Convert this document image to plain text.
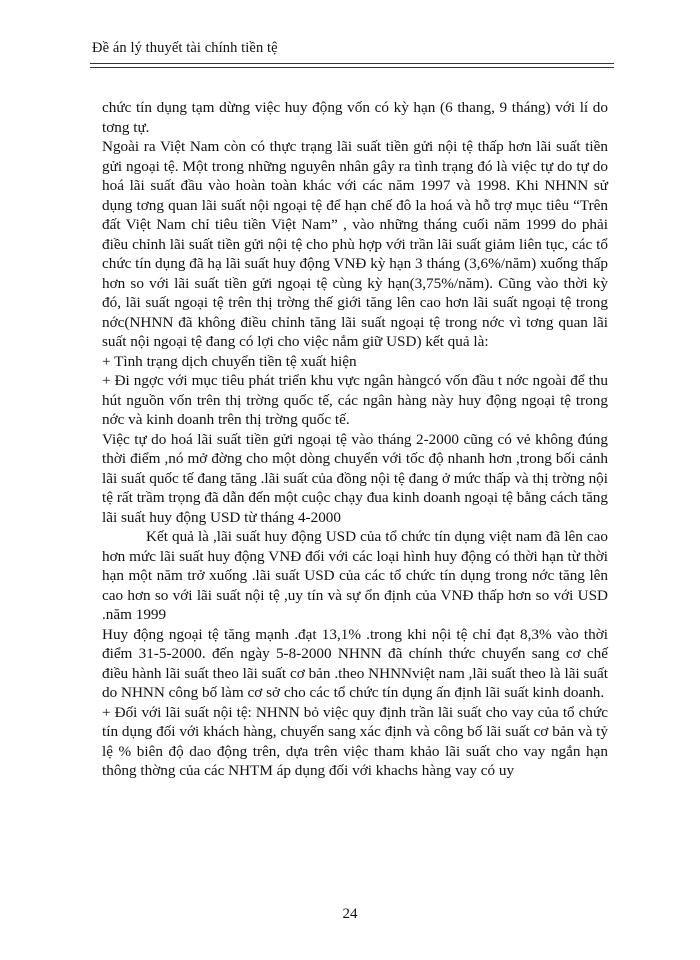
Đề án lý thuyết tài chính tiền tệ

chức tín dụng tạm dừng việc huy động vốn có kỳ hạn (6 thang, 9 tháng) với lí do tơng tự.

Ngoài ra Việt Nam còn có thực trạng lãi suất tiền gửi nội tệ thấp hơn lãi suất tiền gửi ngoại tệ. Một trong những nguyên nhân gây ra tình trạng đó là việc tự do tự do hoá lãi suất đầu vào hoàn toàn khác với các năm 1997 và 1998. Khi NHNN sử dụng tơng quan lãi suất nội ngoại tệ để hạn chế đô la hoá và hỗ trợ mục tiêu “Trên đất Việt Nam chỉ tiêu tiền Việt Nam” , vào những tháng cuối năm 1999 do phải điều chỉnh lãi suất tiền gửi nội tệ cho phù hợp với trần lãi suất giảm liên tục, các tổ chức tín dụng đã hạ lãi suất huy động VNĐ kỳ hạn 3 tháng (3,6%/năm) xuống thấp hơn so với lãi suất tiền gửi ngoại tệ cùng kỳ hạn(3,75%/năm). Cũng vào thời kỳ đó, lãi suất ngoại tệ trên thị trờng thế giới tăng lên cao hơn lãi suất ngoại tệ trong nớc(NHNN đã không điều chỉnh tăng lãi suất ngoại tệ trong nớc vì tơng quan lãi suất nội ngoại tệ đang có lợi cho việc nắm giữ USD) kết quả là:

+ Tình trạng dịch chuyển tiền tệ xuất hiện

+ Đi ngợc với mục tiêu phát triển khu vực ngân hàngcó vốn đầu t nớc ngoài để thu hút nguồn vốn trên thị trờng quốc tế, các ngân hàng này huy động ngoại tệ trong nớc và kinh doanh trên thị trờng quốc tế.

Việc tự do hoá lãi suất tiền gửi ngoại tệ vào tháng 2-2000 cũng có vẻ không đúng thời điểm ,nó mở đờng cho một dòng chuyển với tốc độ nhanh hơn ,trong bối cảnh lãi suất quốc tế đang tăng .lãi suất của đồng nội tệ đang ở mức thấp và thị trờng nội tệ rất trầm trọng đã dẫn đến một cuộc chạy đua kinh doanh ngoại tệ bằng cách tăng lãi suất huy động USD từ tháng 4-2000

Kết quả là ,lãi suất huy động USD của tổ chức tín dụng việt nam đã lên cao hơn mức lãi suất huy động VNĐ đối với các loại hình huy động có thời hạn từ thời hạn một năm trở xuống .lãi suất USD của các tổ chức tín dụng trong nớc tăng lên cao hơn so với lãi suất nội tệ ,uy tín và sự ổn định của VNĐ thấp hơn so với USD .năm 1999

Huy động ngoại tệ tăng mạnh .đạt 13,1% .trong khi nội tệ chỉ đạt 8,3% vào thời điểm 31-5-2000. đến ngày 5-8-2000 NHNN đã chính thức chuyển sang cơ chế điều hành lãi suất theo lãi suất cơ bản .theo NHNNviệt nam ,lãi suất theo là lãi suất do NHNN công bố làm cơ sở cho các tổ chức tín dụng ấn định lãi suất kinh doanh.

+ Đối với lãi suất nội tệ: NHNN bỏ việc quy định trần lãi suất cho vay của tổ chức tín dụng đối với khách hàng, chuyển sang xác định và công bố lãi suất cơ bản và tỷ lệ % biên độ dao động trên, dựa trên việc tham khảo lãi suất cho vay ngắn hạn thông thờng của các NHTM áp dụng đối với khachs hàng vay có uy

24
